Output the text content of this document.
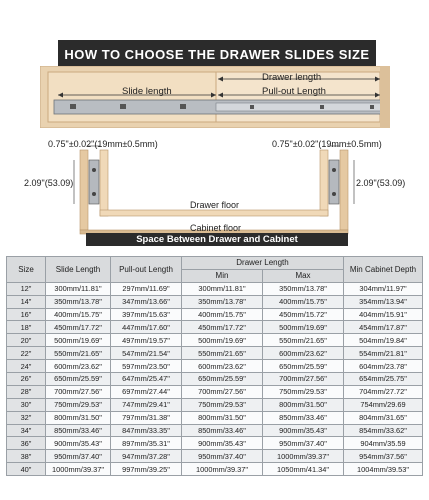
HOW TO CHOOSE THE DRAWER SLIDES SIZE
Drawer length
Slide length	Pull-out Length
0.75"±0.02"(19mm±0.5mm)	0.75"±0.02"(19mm±0.5mm)
2.09"(53.09)	2.09"(53.09)
Drawer floor
Cabinet floor
Space Between Drawer and Cabinet
Size	Slide Length	Pull-out Length	Drawer Length		Min Cabinet Depth
			Min	Max	
12"	300mm/11.81"	297mm/11.69"	300mm/11.81"	350mm/13.78"	304mm/11.97"
14"	350mm/13.78"	347mm/13.66"	350mm/13.78"	400mm/15.75"	354mm/13.94"
16"	400mm/15.75"	397mm/15.63"	400mm/15.75"	450mm/15.72"	404mm/15.91"
18"	450mm/17.72"	447mm/17.60"	450mm/17.72"	500mm/19.69"	454mm/17.87"
20"	500mm/19.69"	497mm/19.57"	500mm/19.69"	550mm/21.65"	504mm/19.84"
22"	550mm/21.65"	547mm/21.54"	550mm/21.65"	600mm/23.62"	554mm/21.81"
24"	600mm/23.62"	597mm/23.50"	600mm/23.62"	650mm/25.59"	604mm/23.78"
26"	650mm/25.59"	647mm/25.47"	650mm/25.59"	700mm/27.56"	654mm/25.75"
28"	700mm/27.56"	697mm/27.44"	700mm/27.56"	750mm/29.53"	704mm/27.72"
30"	750mm/29.53"	747mm/29.41"	750mm/29.53"	800mm/31.50"	754mm/29.69
32"	800mm/31.50"	797mm/31.38"	800mm/31.50"	850mm/33.46"	804mm/31.65"
34"	850mm/33.46"	847mm/33.35"	850mm/33.46"	900mm/35.43"	854mm/33.62"
36"	900mm/35.43"	897mm/35.31"	900mm/35.43"	950mm/37.40"	904mm/35.59
38"	950mm/37.40"	947mm/37.28"	950mm/37.40"	1000mm/39.37"	954mm/37.56"
40"	1000mm/39.37"	997mm/39.25"	1000mm/39.37"	1050mm/41.34"	1004mm/39.53"
